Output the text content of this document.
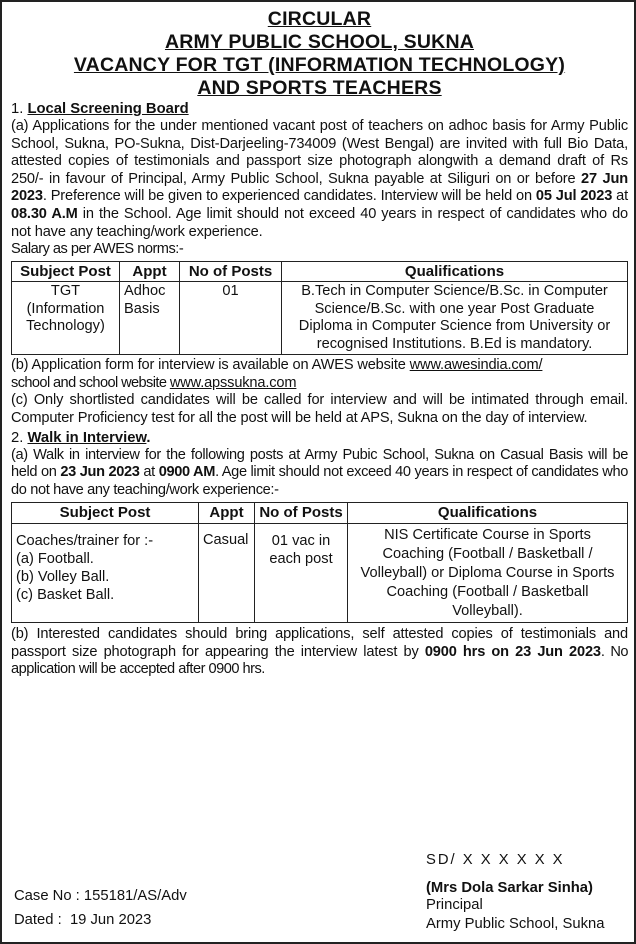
CIRCULAR
ARMY PUBLIC SCHOOL, SUKNA
VACANCY FOR TGT (INFORMATION TECHNOLOGY)
AND SPORTS TEACHERS
1. Local Screening Board

(a) Applications for the under mentioned vacant post of teachers on adhoc basis for Army Public School, Sukna, PO-Sukna, Dist-Darjeeling-734009 (West Bengal) are invited with full Bio Data, attested copies of testimonials and passport size photograph alongwith a demand draft of Rs 250/- in favour of Principal, Army Public School, Sukna payable at Siliguri on or before 27 Jun 2023. Preference will be given to experienced candidates. Interview will be held on 05 Jul 2023 at 08.30 A.M in the School. Age limit should not exceed 40 years in respect of candidates who do not have any teaching/work experience.

Salary as per AWES norms:-

Subject Post	Appt	No of Posts	Qualifications
TGT (Information Technology)	Adhoc Basis	01	B.Tech in Computer Science/B.Sc. in Computer Science/B.Sc. with one year Post Graduate Diploma in Computer Science from University or recognised Institutions. B.Ed is mandatory.

(b) Application form for interview is available on AWES website www.awesindia.com/
school and school website www.apssukna.com

(c) Only shortlisted candidates will be called for interview and will be intimated through email. Computer Proficiency test for all the post will be held at APS, Sukna on the day of interview.

2. Walk in Interview.

(a) Walk in interview for the following posts at Army Pubic School, Sukna on Casual Basis will be held on 23 Jun 2023 at 0900 AM. Age limit should not exceed 40 years in respect of candidates who do not have any teaching/work experience:-

Subject Post	Appt	No of Posts	Qualifications

Coaches/trainer for :-
(a) Football.
(b) Volley Ball.
(c) Basket Ball.	Casual	01 vac in each post	NIS Certificate Course in Sports Coaching (Football / Basketball / Volleyball) or Diploma Course in Sports Coaching (Football / Basketball Volleyball).

(b) Interested candidates should bring applications, self attested copies of testimonials and passport size photograph for appearing the interview latest by 0900 hrs on 23 Jun 2023. No application will be accepted after 0900 hrs.

SD/ X X X X X X
(Mrs Dola Sarkar Sinha)
Principal
Army Public School, Sukna
Case No : 155181/AS/Adv
Dated :  19 Jun 2023
